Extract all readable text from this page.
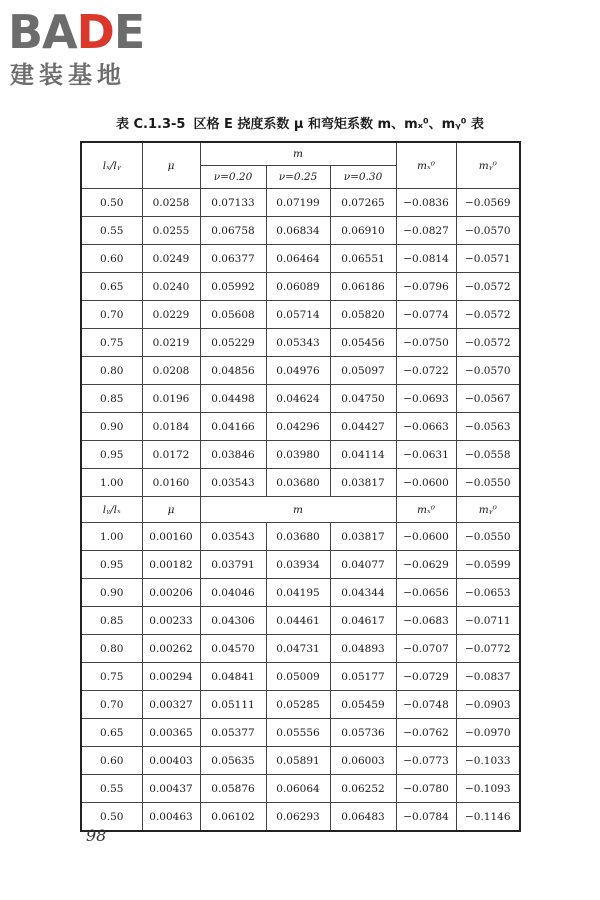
BADE
建装基地
表 C.1.3-5 区格 E 挠度系数 μ 和弯矩系数 m、mₓ⁰、mᵧ⁰ 表
lₓ/lᵧ	μ	m			mₓ⁰	mᵧ⁰
		ν=0.20	ν=0.25	ν=0.30		
0.50	0.0258	0.07133	0.07199	0.07265	−0.0836	−0.0569
0.55	0.0255	0.06758	0.06834	0.06910	−0.0827	−0.0570
0.60	0.0249	0.06377	0.06464	0.06551	−0.0814	−0.0571
0.65	0.0240	0.05992	0.06089	0.06186	−0.0796	−0.0572
0.70	0.0229	0.05608	0.05714	0.05820	−0.0774	−0.0572
0.75	0.0219	0.05229	0.05343	0.05456	−0.0750	−0.0572
0.80	0.0208	0.04856	0.04976	0.05097	−0.0722	−0.0570
0.85	0.0196	0.04498	0.04624	0.04750	−0.0693	−0.0567
0.90	0.0184	0.04166	0.04296	0.04427	−0.0663	−0.0563
0.95	0.0172	0.03846	0.03980	0.04114	−0.0631	−0.0558
1.00	0.0160	0.03543	0.03680	0.03817	−0.0600	−0.0550
lᵧ/lₓ	μ	m			mₓ⁰	mᵧ⁰
1.00	0.00160	0.03543	0.03680	0.03817	−0.0600	−0.0550
0.95	0.00182	0.03791	0.03934	0.04077	−0.0629	−0.0599
0.90	0.00206	0.04046	0.04195	0.04344	−0.0656	−0.0653
0.85	0.00233	0.04306	0.04461	0.04617	−0.0683	−0.0711
0.80	0.00262	0.04570	0.04731	0.04893	−0.0707	−0.0772
0.75	0.00294	0.04841	0.05009	0.05177	−0.0729	−0.0837
0.70	0.00327	0.05111	0.05285	0.05459	−0.0748	−0.0903
0.65	0.00365	0.05377	0.05556	0.05736	−0.0762	−0.0970
0.60	0.00403	0.05635	0.05891	0.06003	−0.0773	−0.1033
0.55	0.00437	0.05876	0.06064	0.06252	−0.0780	−0.1093
0.50	0.00463	0.06102	0.06293	0.06483	−0.0784	−0.1146
98
